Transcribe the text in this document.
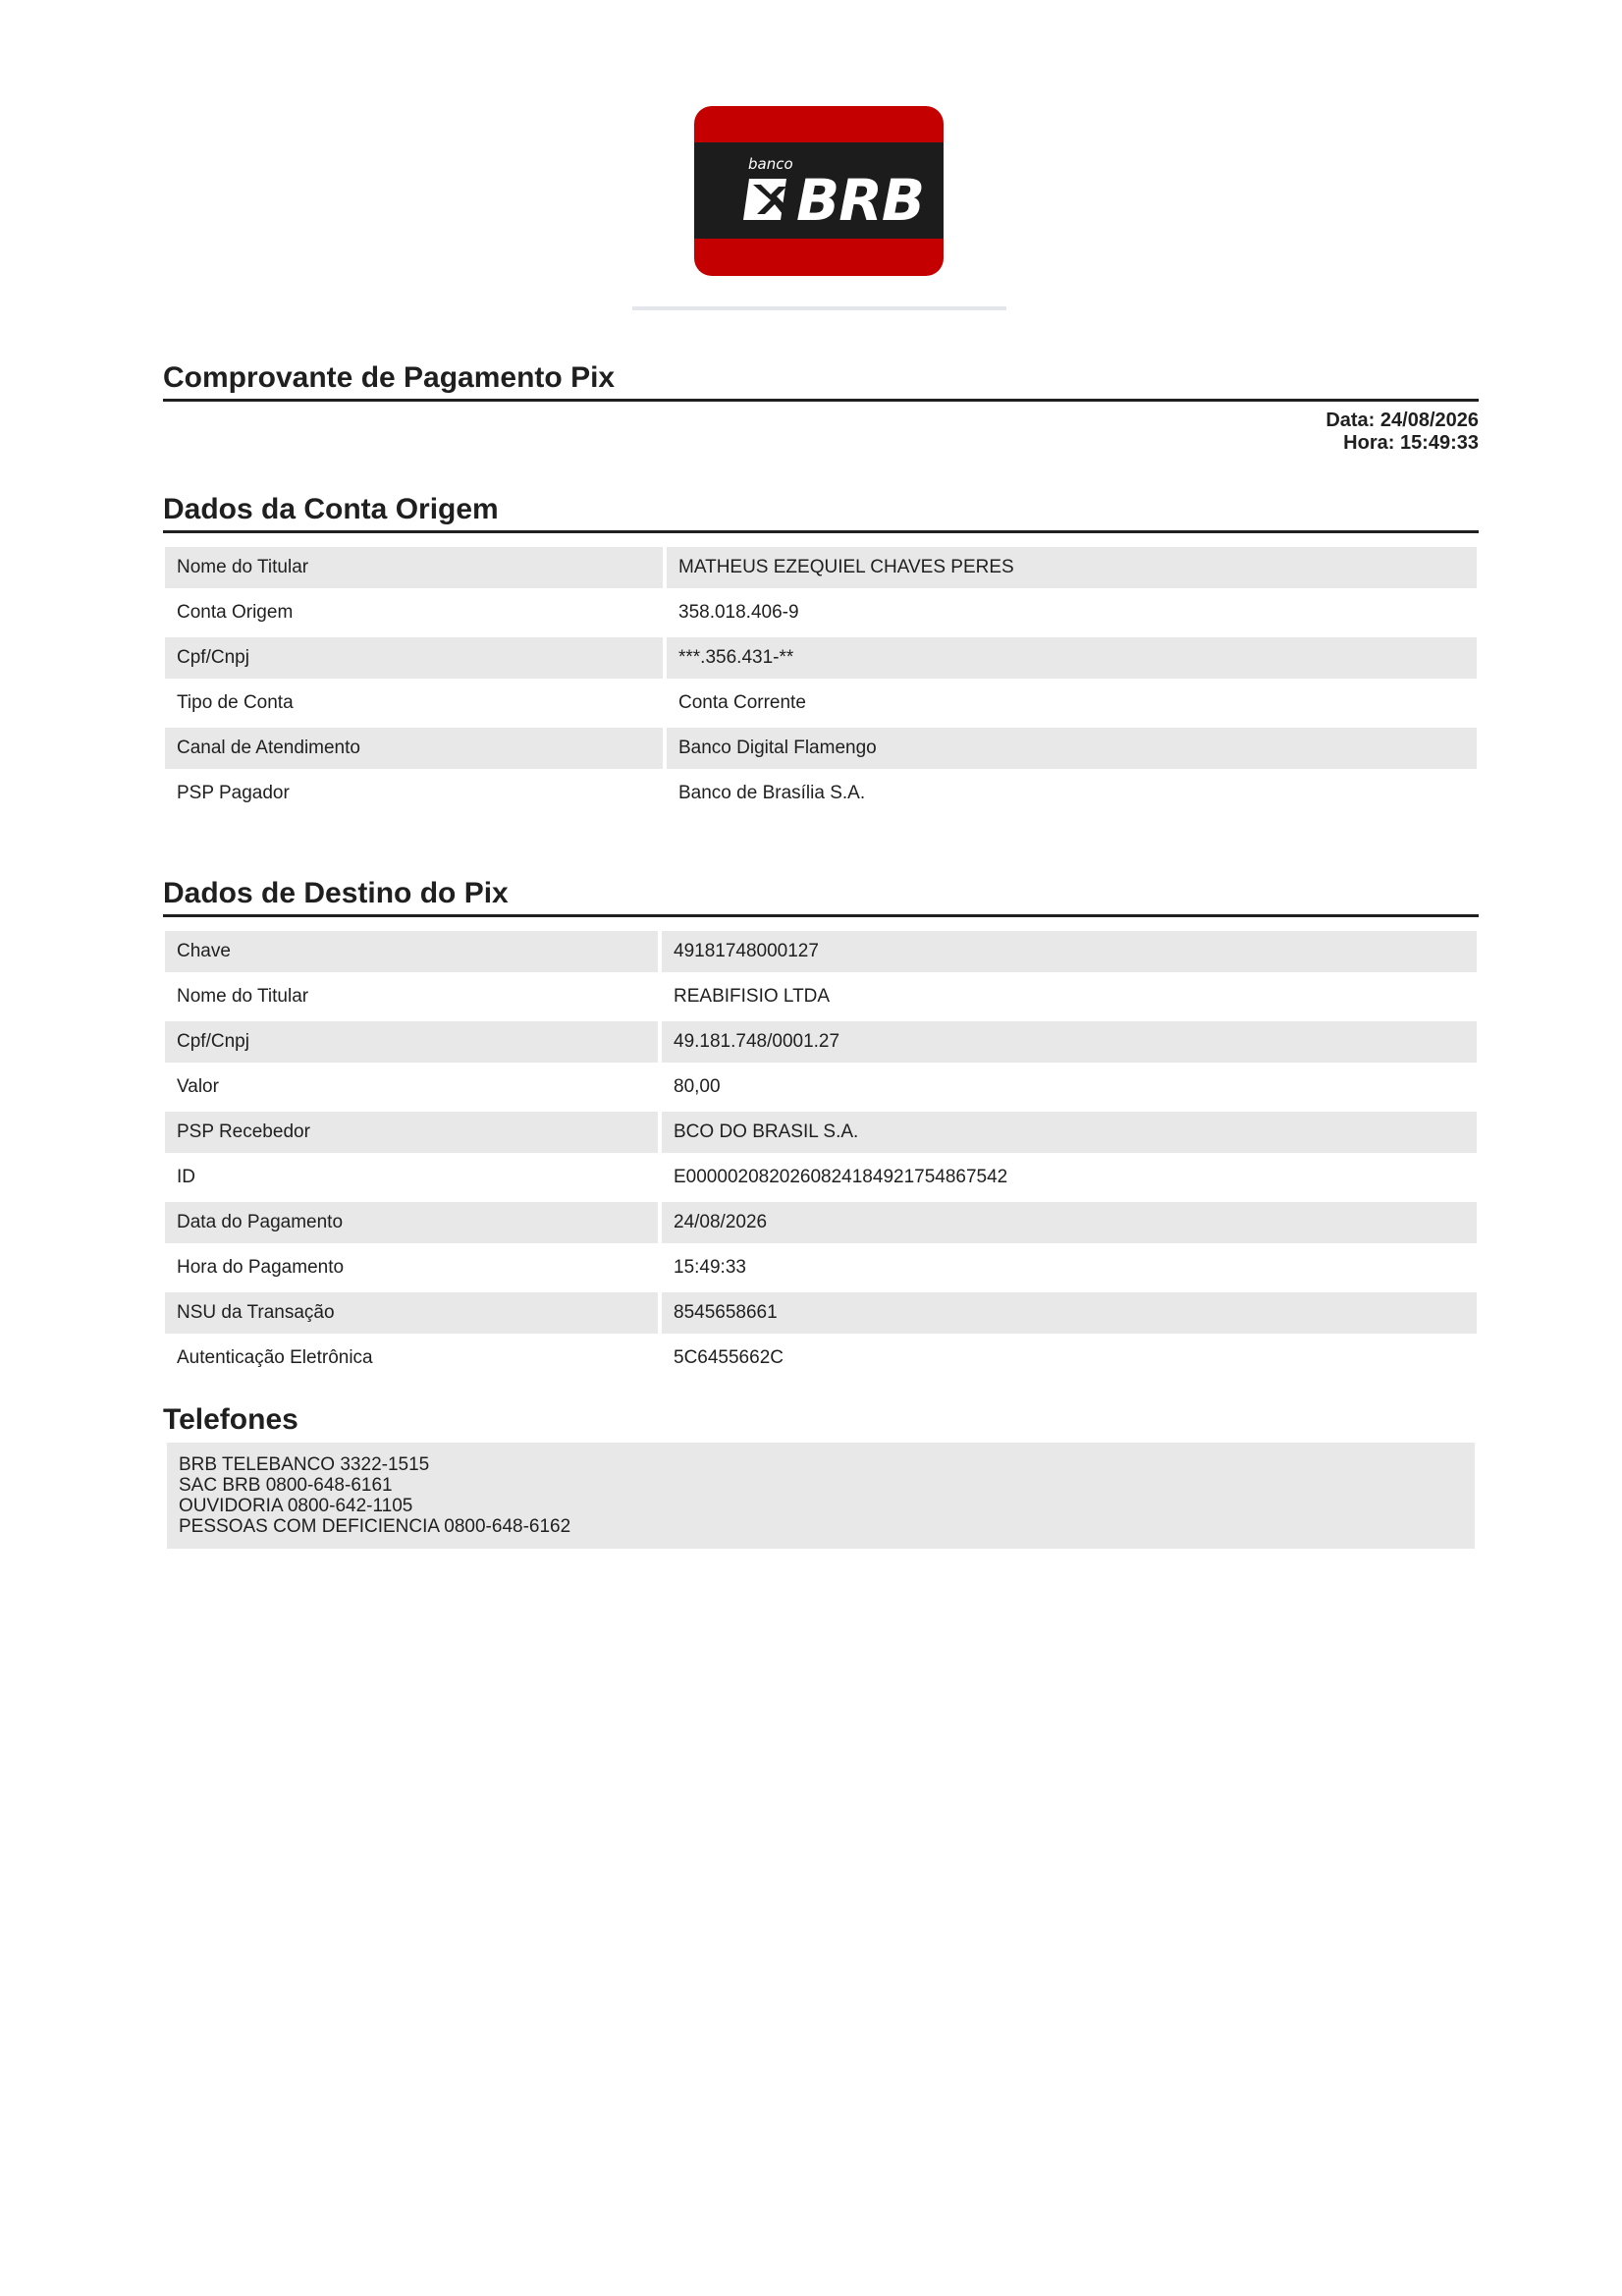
banco
BRB
Comprovante de Pagamento Pix
Data: 24/08/2026
Hora: 15:49:33
Dados da Conta Origem
Nome do Titular	MATHEUS EZEQUIEL CHAVES PERES
Conta Origem	358.018.406-9
Cpf/Cnpj	***.356.431-**
Tipo de Conta	Conta Corrente
Canal de Atendimento	Banco Digital Flamengo
PSP Pagador	Banco de Brasília S.A.
Dados de Destino do Pix
Chave	49181748000127
Nome do Titular	REABIFISIO LTDA
Cpf/Cnpj	49.181.748/0001.27
Valor	80,00
PSP Recebedor	BCO DO BRASIL S.A.
ID	E0000020820260824184921754867542
Data do Pagamento	24/08/2026
Hora do Pagamento	15:49:33
NSU da Transação	8545658661
Autenticação Eletrônica	5C6455662C
Telefones
BRB TELEBANCO 3322-1515
SAC BRB 0800-648-6161
OUVIDORIA 0800-642-1105
PESSOAS COM DEFICIENCIA 0800-648-6162
